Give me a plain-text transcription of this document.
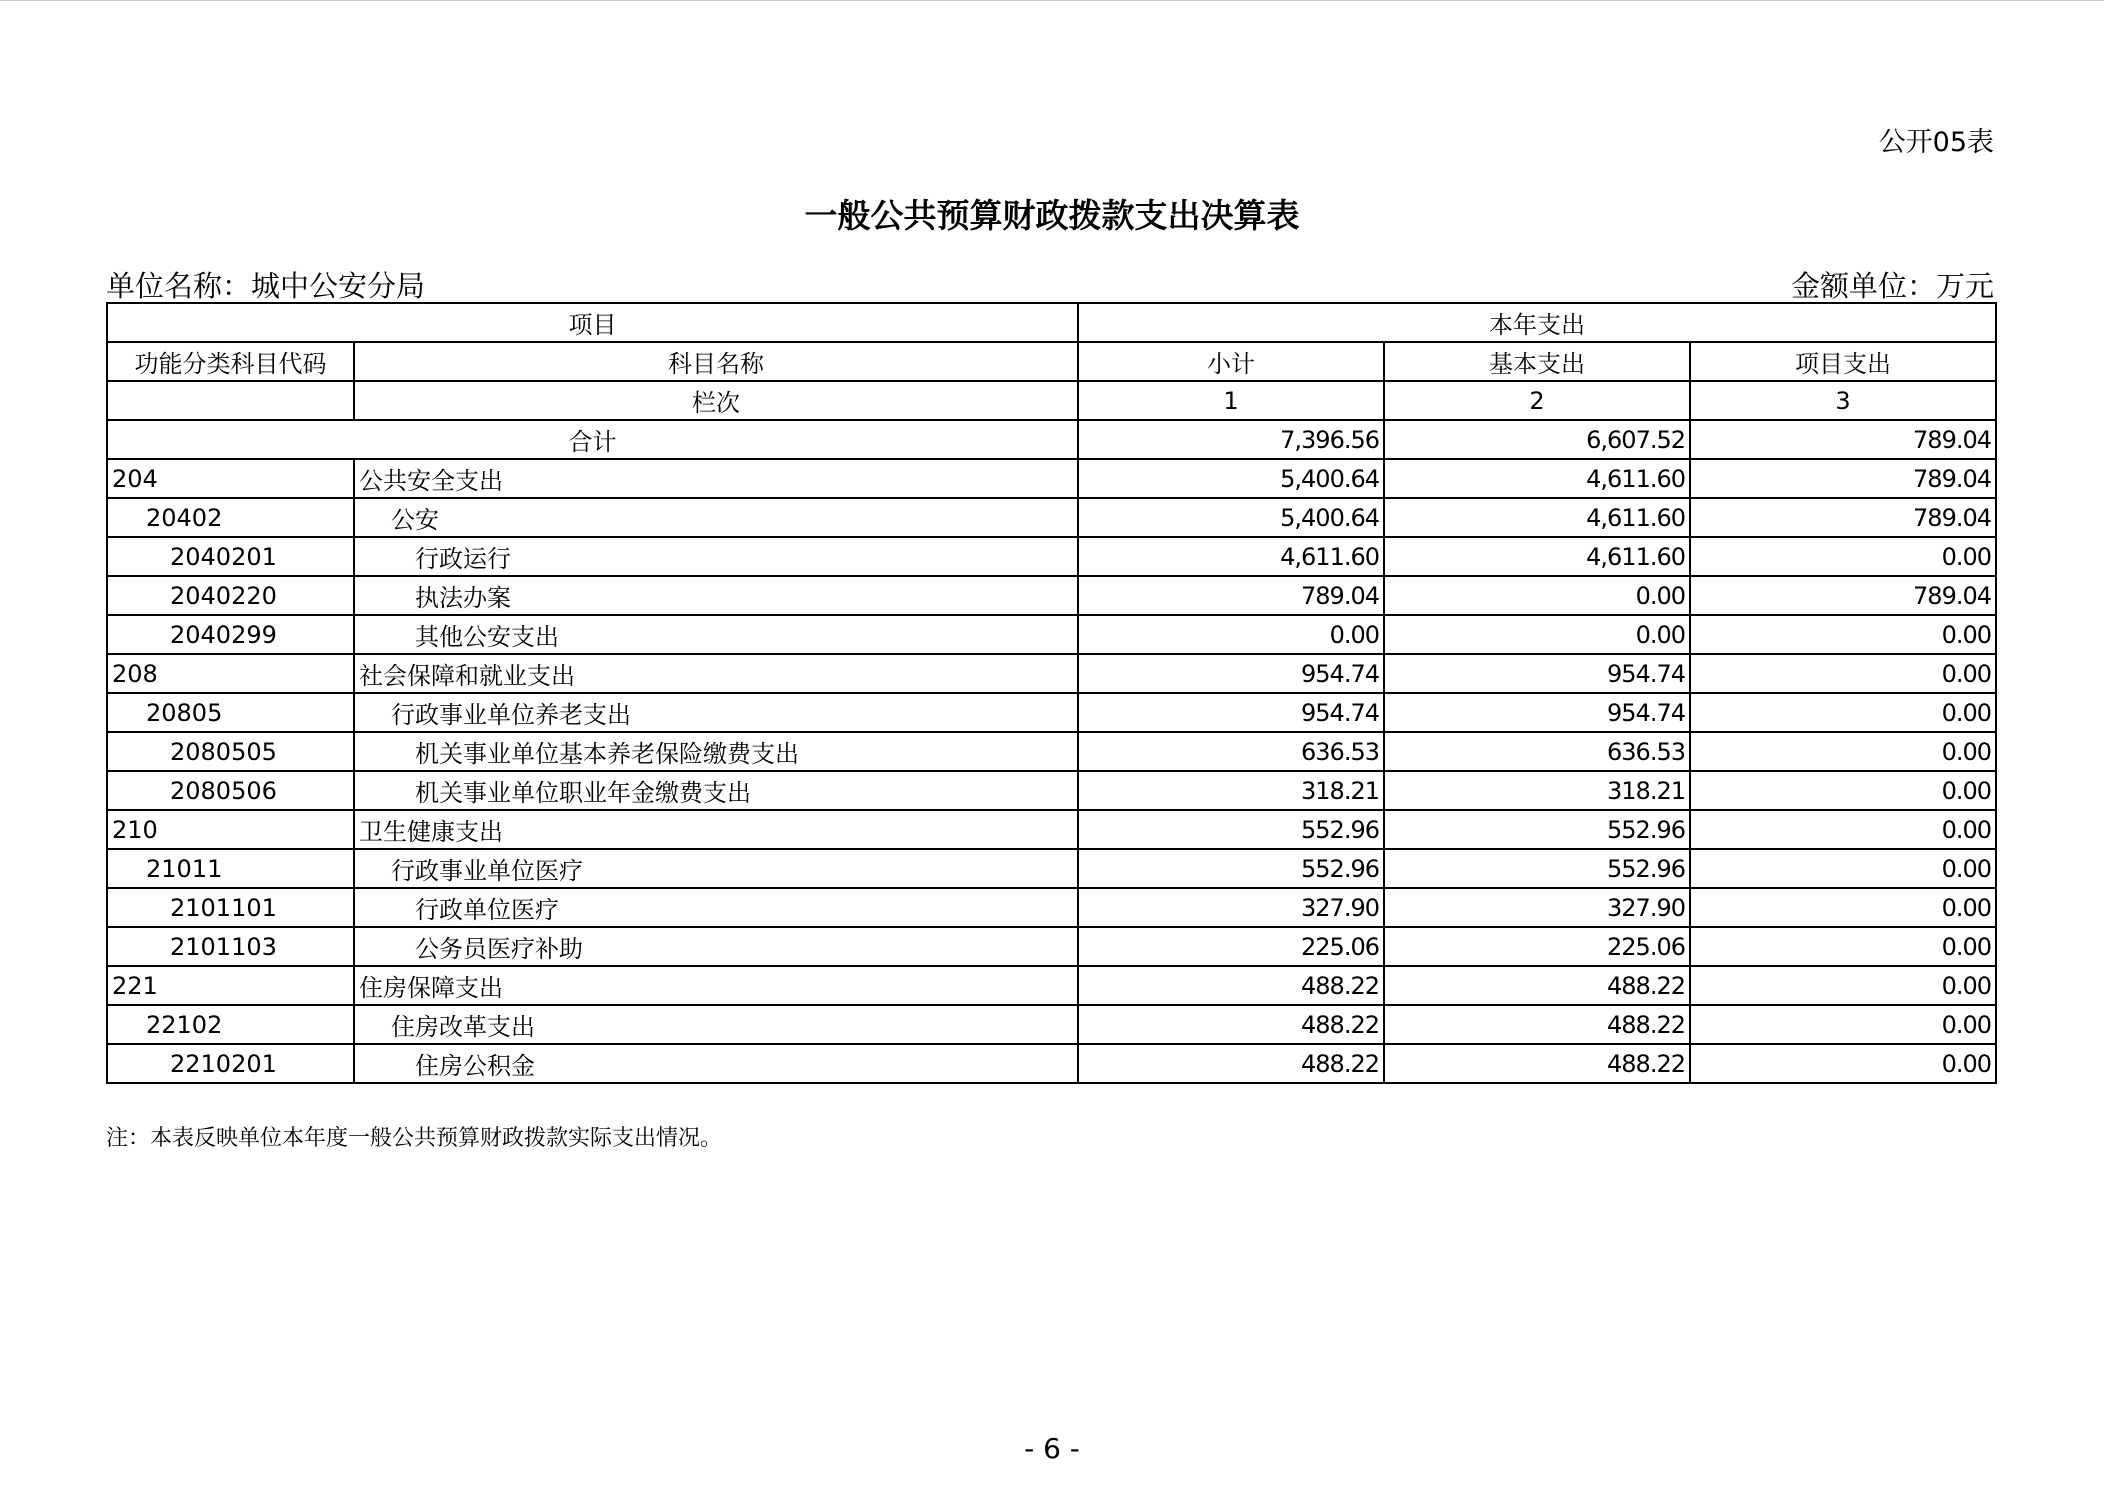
公开05表
一般公共预算财政拨款支出决算表
单位名称：城中公安分局	金额单位：万元
项目		本年支出		
功能分类科目代码	科目名称	小计	基本支出	项目支出
	栏次	1	2	3
合计		7,396.56	6,607.52	789.04
204	公共安全支出	5,400.64	4,611.60	789.04
20402	公安	5,400.64	4,611.60	789.04
2040201	行政运行	4,611.60	4,611.60	0.00
2040220	执法办案	789.04	0.00	789.04
2040299	其他公安支出	0.00	0.00	0.00
208	社会保障和就业支出	954.74	954.74	0.00
20805	行政事业单位养老支出	954.74	954.74	0.00
2080505	机关事业单位基本养老保险缴费支出	636.53	636.53	0.00
2080506	机关事业单位职业年金缴费支出	318.21	318.21	0.00
210	卫生健康支出	552.96	552.96	0.00
21011	行政事业单位医疗	552.96	552.96	0.00
2101101	行政单位医疗	327.90	327.90	0.00
2101103	公务员医疗补助	225.06	225.06	0.00
221	住房保障支出	488.22	488.22	0.00
22102	住房改革支出	488.22	488.22	0.00
2210201	住房公积金	488.22	488.22	0.00
注：本表反映单位本年度一般公共预算财政拨款实际支出情况。
- 6 -
